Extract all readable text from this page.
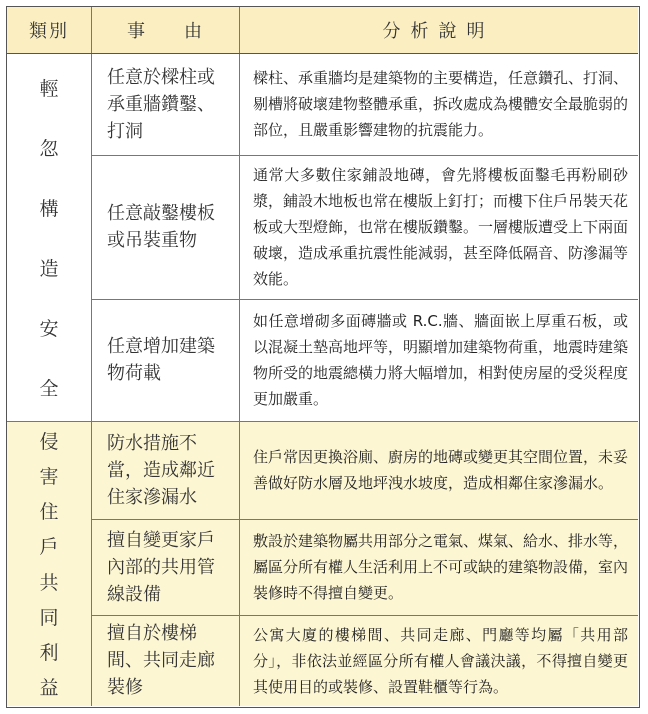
類別	事　　由	分析說明
輕
忽
構
造
安
全
任意於樑柱或承重牆鑽鑿、打洞
樑柱、承重牆均是建築物的主要構造，任意鑽孔、打洞、剔槽將破壞建物整體承重，拆改處成為樓體安全最脆弱的部位，且嚴重影響建物的抗震能力。
任意敲鑿樓板或吊裝重物
通常大多數住家鋪設地磚，會先將樓板面鑿毛再粉刷砂漿，鋪設木地板也常在樓版上釘打；而樓下住戶吊裝天花板或大型燈飾，也常在樓版鑽鑿。一層樓版遭受上下兩面破壞，造成承重抗震性能減弱，甚至降低隔音、防滲漏等效能。
任意增加建築物荷載
如任意增砌多面磚牆或 R.C.牆、牆面嵌上厚重石板，或以混凝土墊高地坪等，明顯增加建築物荷重，地震時建築物所受的地震總橫力將大幅增加，相對使房屋的受災程度更加嚴重。
侵
害
住
戶
共
同
利
益
防水措施不當，造成鄰近住家滲漏水
住戶常因更換浴廁、廚房的地磚或變更其空間位置，未妥善做好防水層及地坪洩水坡度，造成相鄰住家滲漏水。
擅自變更家戶內部的共用管線設備
敷設於建築物屬共用部分之電氣、煤氣、給水、排水等，屬區分所有權人生活利用上不可或缺的建築物設備，室內裝修時不得擅自變更。
擅自於樓梯間、共同走廊裝修
公寓大廈的樓梯間、共同走廊、門廳等均屬「共用部分」，非依法並經區分所有權人會議決議，不得擅自變更其使用目的或裝修、設置鞋櫃等行為。
